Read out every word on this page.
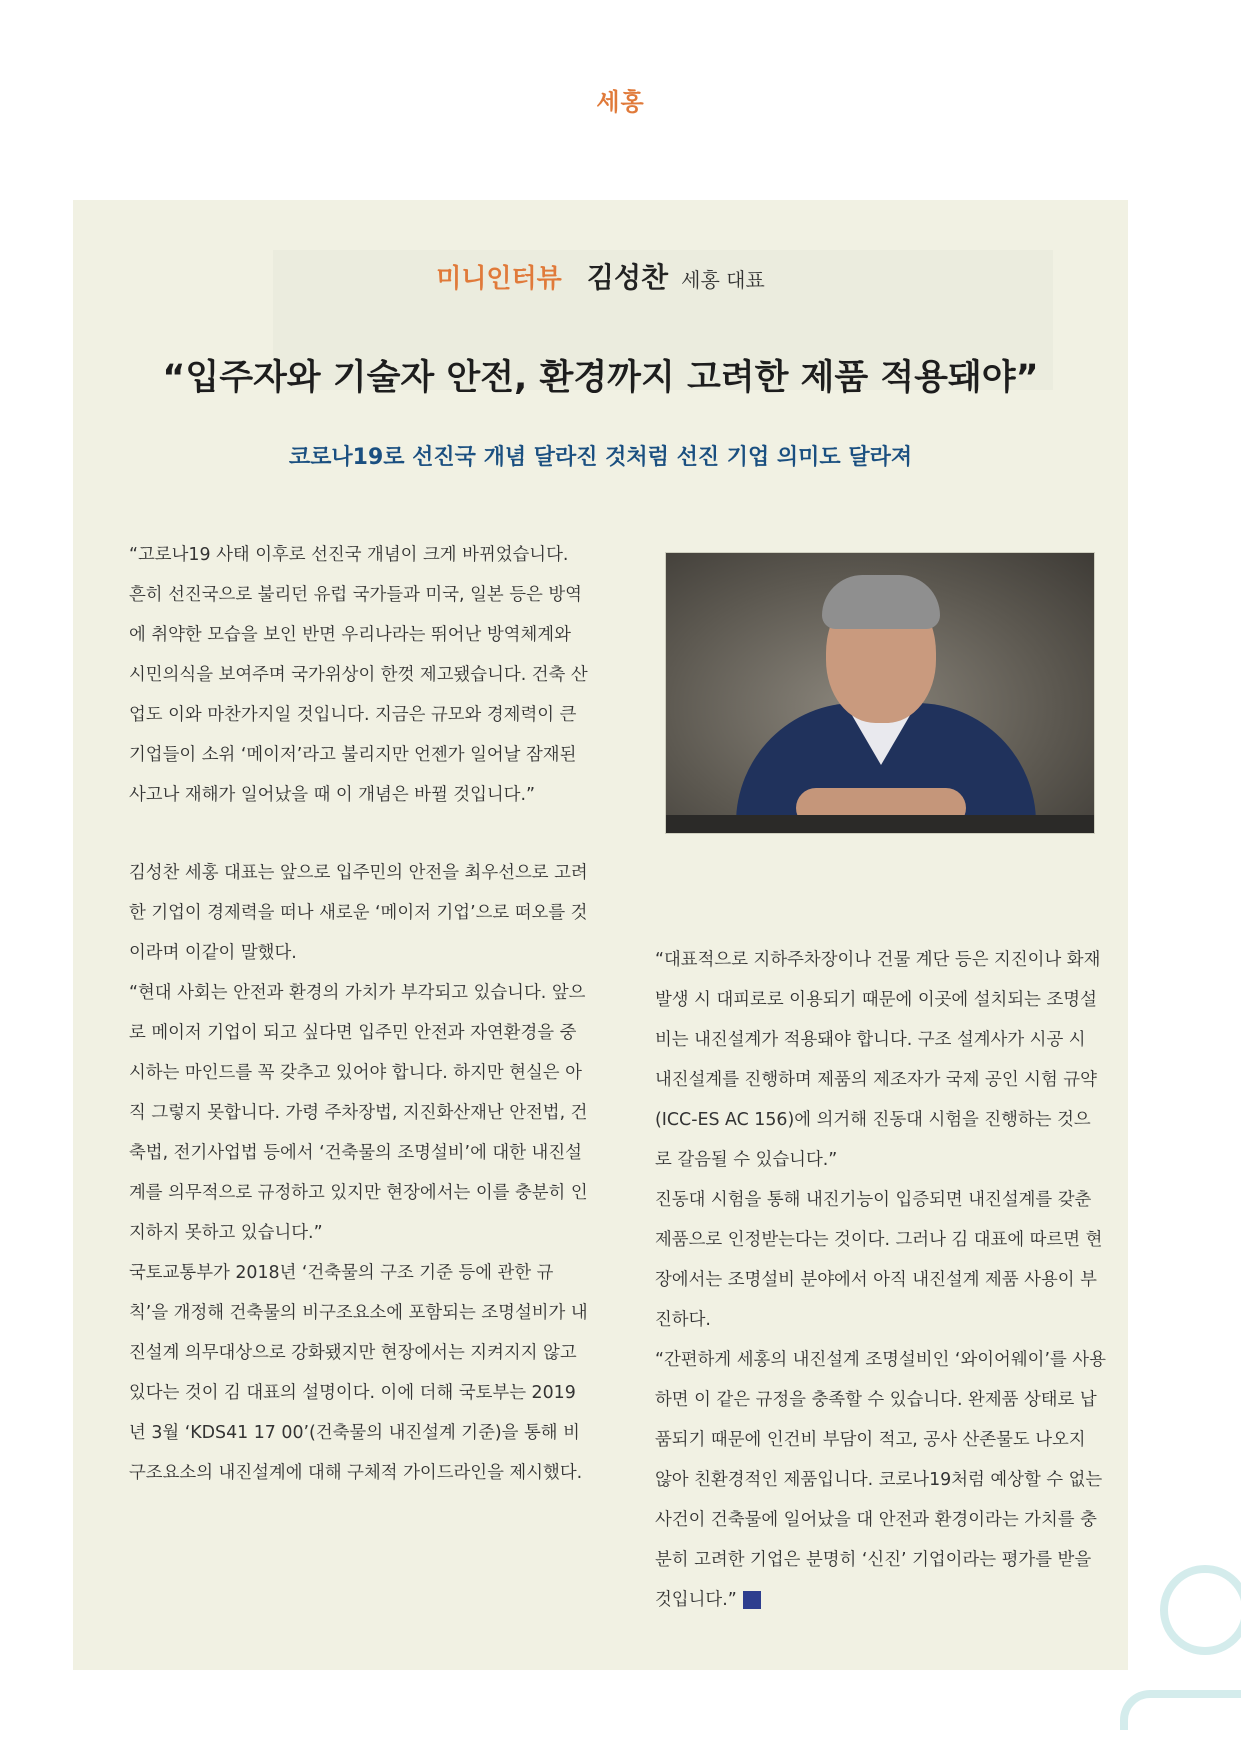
세홍
미니인터뷰 김성찬 세홍 대표
“입주자와 기술자 안전, 환경까지 고려한 제품 적용돼야”
코로나19로 선진국 개념 달라진 것처럼 선진 기업 의미도 달라져

“고로나19 사태 이후로 선진국 개념이 크게 바뀌었습니다. 흔히 선진국으로 불리던 유럽 국가들과 미국, 일본 등은 방역에 취약한 모습을 보인 반면 우리나라는 뛰어난 방역체계와 시민의식을 보여주며 국가위상이 한껏 제고됐습니다. 건축 산업도 이와 마찬가지일 것입니다. 지금은 규모와 경제력이 큰 기업들이 소위 ‘메이저’라고 불리지만 언젠가 일어날 잠재된 사고나 재해가 일어났을 때 이 개념은 바뀔 것입니다.”

김성찬 세홍 대표는 앞으로 입주민의 안전을 최우선으로 고려한 기업이 경제력을 떠나 새로운 ‘메이저 기업’으로 떠오를 것이라며 이같이 말했다.

“현대 사회는 안전과 환경의 가치가 부각되고 있습니다. 앞으로 메이저 기업이 되고 싶다면 입주민 안전과 자연환경을 중시하는 마인드를 꼭 갖추고 있어야 합니다. 하지만 현실은 아직 그렇지 못합니다. 가령 주차장법, 지진화산재난 안전법, 건축법, 전기사업법 등에서 ‘건축물의 조명설비’에 대한 내진설계를 의무적으로 규정하고 있지만 현장에서는 이를 충분히 인지하지 못하고 있습니다.”

국토교통부가 2018년 ‘건축물의 구조 기준 등에 관한 규칙’을 개정해 건축물의 비구조요소에 포함되는 조명설비가 내진설계 의무대상으로 강화됐지만 현장에서는 지켜지지 않고 있다는 것이 김 대표의 설명이다. 이에 더해 국토부는 2019년 3월 ‘KDS41 17 00’(건축물의 내진설계 기준)을 통해 비구조요소의 내진설계에 대해 구체적 가이드라인을 제시했다.

“대표적으로 지하주차장이나 건물 계단 등은 지진이나 화재 발생 시 대피로로 이용되기 때문에 이곳에 설치되는 조명설비는 내진설계가 적용돼야 합니다. 구조 설계사가 시공 시 내진설계를 진행하며 제품의 제조자가 국제 공인 시험 규약(ICC-ES AC 156)에 의거해 진동대 시험을 진행하는 것으로 갈음될 수 있습니다.”

진동대 시험을 통해 내진기능이 입증되면 내진설계를 갖춘 제품으로 인정받는다는 것이다. 그러나 김 대표에 따르면 현장에서는 조명설비 분야에서 아직 내진설계 제품 사용이 부진하다.

“간편하게 세홍의 내진설계 조명설비인 ‘와이어웨이’를 사용하면 이 같은 규정을 충족할 수 있습니다. 완제품 상태로 납품되기 때문에 인건비 부담이 적고, 공사 산존물도 나오지 않아 친환경적인 제품입니다. 코로나19처럼 예상할 수 없는 사건이 건축물에 일어났을 대 안전과 환경이라는 가치를 충분히 고려한 기업은 분명히 ‘신진’ 기업이라는 평가를 받을 것입니다.”
